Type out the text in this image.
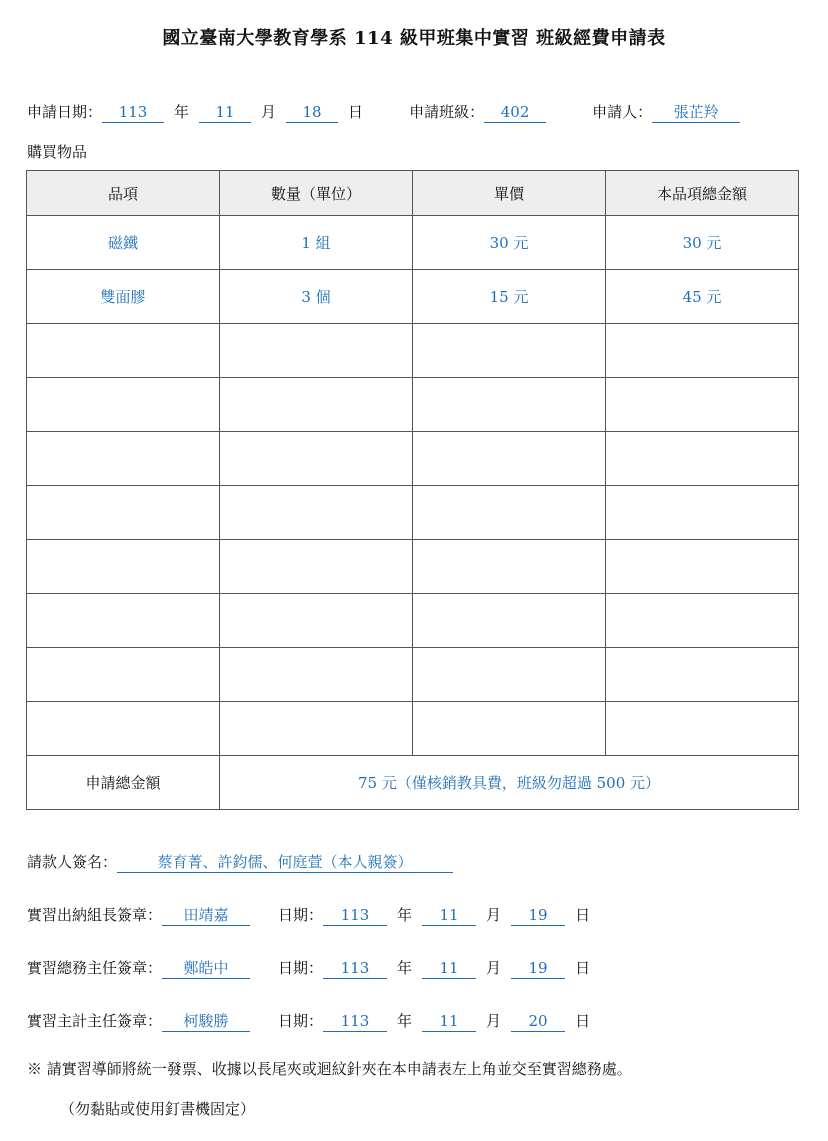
國立臺南大學教育學系 114 級甲班集中實習 班級經費申請表
申請日期： 113 年 11 月 18 日	申請班級： 402	申請人： 張芷羚
購買物品
品項	數量（單位）	單價	本品項總金額
磁鐵	1 組	30 元	30 元
雙面膠	3 個	15 元	45 元

申請總金額	75 元（僅核銷教具費，班級勿超過 500 元）		
請款人簽名：	蔡育菁、許鈞儒、何庭萱（本人親簽）
實習出納組長簽章： 田靖嘉	日期： 113 年 11 月 19 日
實習總務主任簽章： 鄭皓中	日期： 113 年 11 月 19 日
實習主計主任簽章： 柯駿勝	日期： 113 年 11 月 20 日
※ 請實習導師將統一發票、收據以長尾夾或迴紋針夾在本申請表左上角並交至實習總務處。
（勿黏貼或使用釘書機固定）
